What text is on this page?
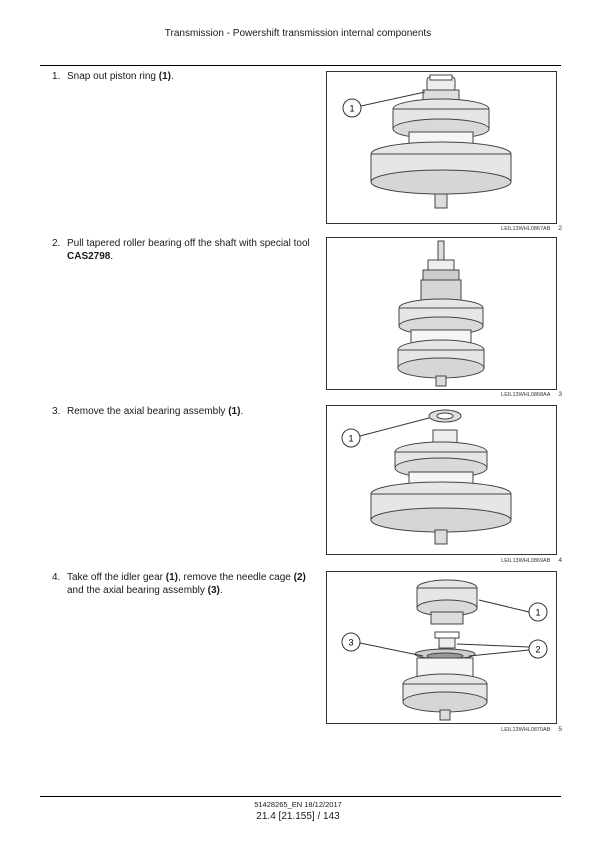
Transmission - Powershift transmission internal components
1. Snap out piston ring (1).
1
LEIL13WHL0867AB 2
2. Pull tapered roller bearing off the shaft with special tool CAS2798.
LEIL13WHL0868AA 3
3. Remove the axial bearing assembly (1).
1
LEIL13WHL0869AB 4
4. Take off the idler gear (1), remove the needle cage (2) and the axial bearing assembly (3).
1
3
2
LEIL13WHL0870AB 5
51428265_EN 18/12/2017
21.4 [21.155] / 143
